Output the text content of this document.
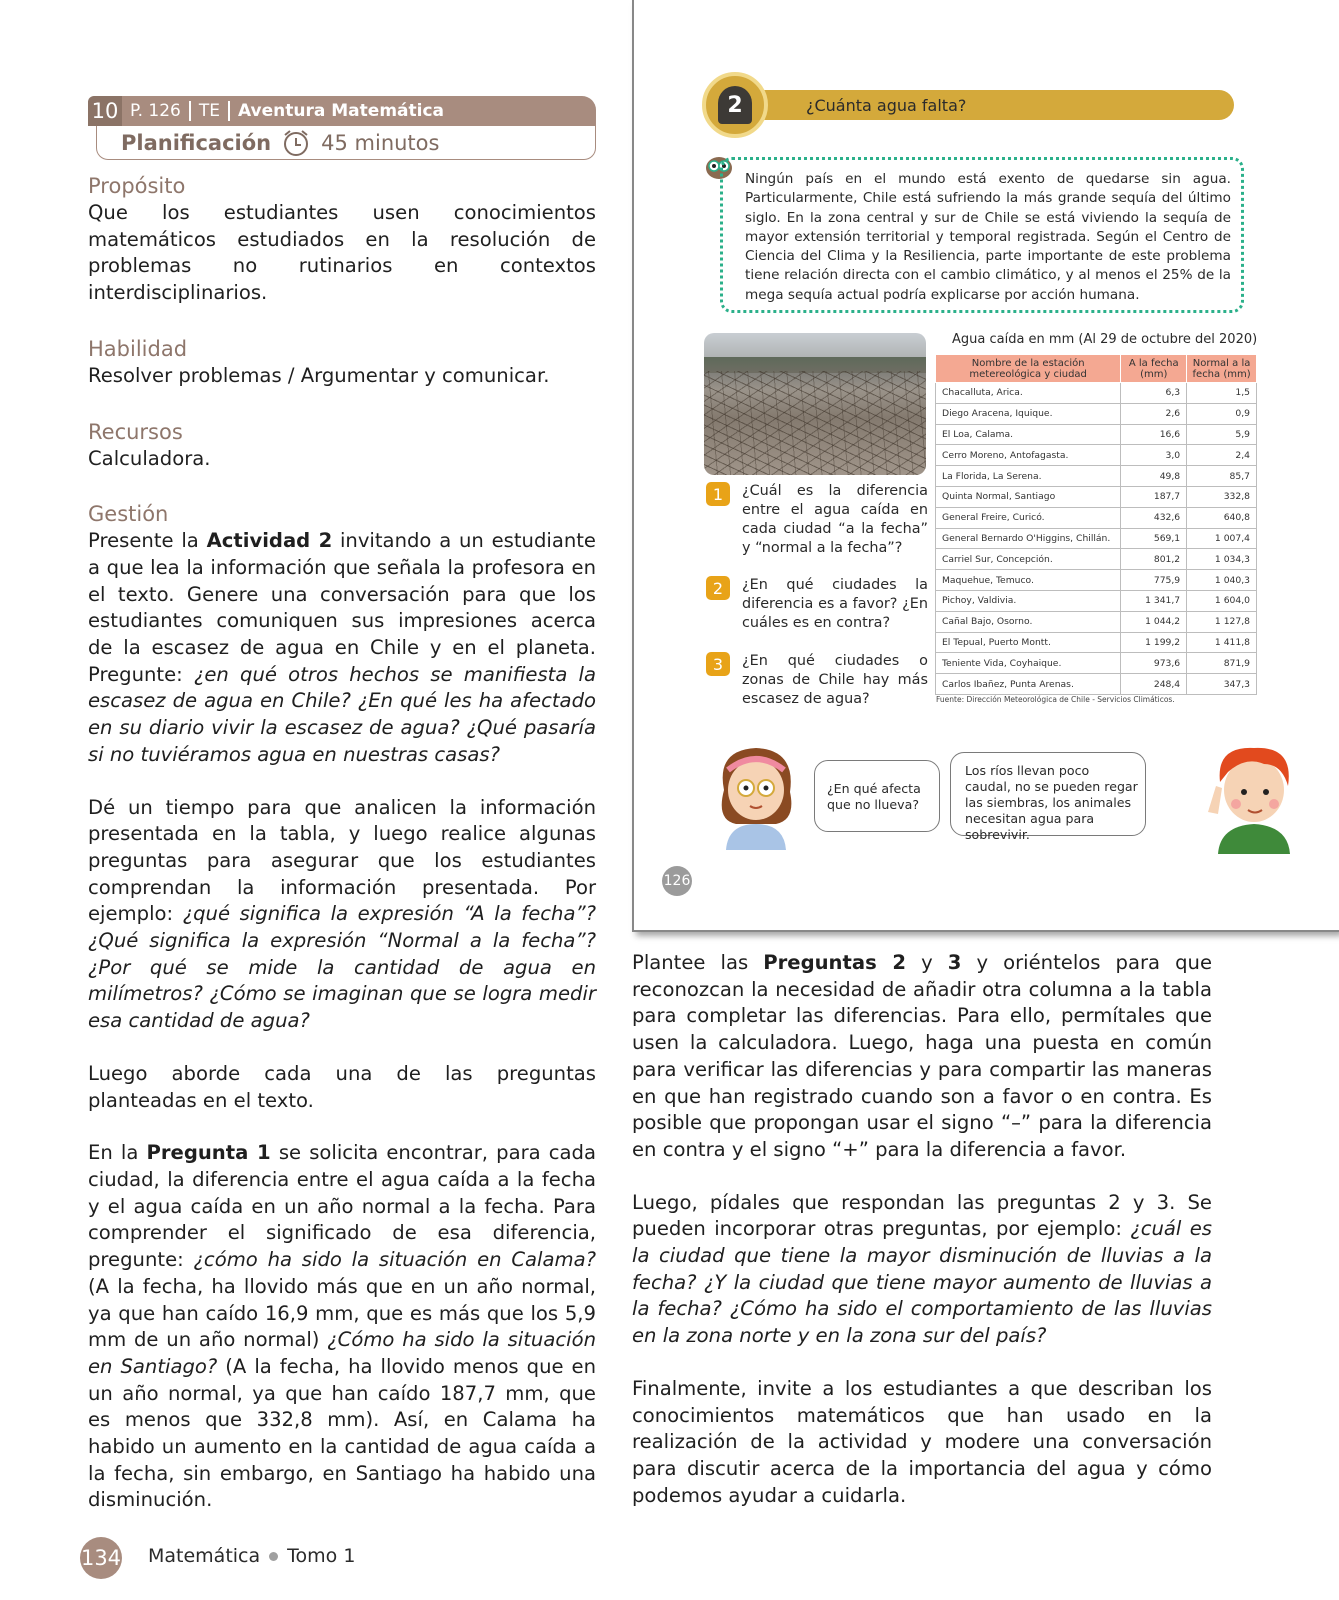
10 P. 126	TE	Aventura Matemática
Planificación 45 minutos
Propósito
Que los estudiantes usen conocimientos matemáticos estudiados en la resolución de problemas no rutinarios en contextos interdisciplinarios.
Habilidad
Resolver problemas / Argumentar y comunicar.
Recursos
Calculadora.
Gestión

Presente la Actividad 2 invitando a un estudiante a que lea la información que señala la profesora en el texto. Genere una conversación para que los estudiantes comuniquen sus impresiones acerca de la escasez de agua en Chile y en el planeta. Pregunte: ¿en qué otros hechos se manifiesta la escasez de agua en Chile? ¿En qué les ha afectado en su diario vivir la escasez de agua? ¿Qué pasaría si no tuviéramos agua en nuestras casas?

Dé un tiempo para que analicen la información presentada en la tabla, y luego realice algunas preguntas para asegurar que los estudiantes comprendan la información presentada. Por ejemplo: ¿qué significa la expresión “A la fecha”? ¿Qué significa la expresión “Normal a la fecha”? ¿Por qué se mide la cantidad de agua en milímetros? ¿Cómo se imaginan que se logra medir esa cantidad de agua?

Luego aborde cada una de las preguntas planteadas en el texto.

En la Pregunta 1 se solicita encontrar, para cada ciudad, la diferencia entre el agua caída a la fecha y el agua caída en un año normal a la fecha. Para comprender el significado de esa diferencia, pregunte: ¿cómo ha sido la situación en Calama? (A la fecha, ha llovido más que en un año normal, ya que han caído 16,9 mm, que es más que los 5,9 mm de un año normal) ¿Cómo ha sido la situación en Santiago? (A la fecha, ha llovido menos que en un año normal, ya que han caído 187,7 mm, que es menos que 332,8 mm). Así, en Calama ha habido un aumento en la cantidad de agua caída a la fecha, sin embargo, en Santiago ha habido una disminución.

¿Cuánta agua falta?
2
Ningún país en el mundo está exento de quedarse sin agua. Particularmente, Chile está sufriendo la más grande sequía del último siglo. En la zona central y sur de Chile se está viviendo la sequía de mayor extensión territorial y temporal registrada. Según el Centro de Ciencia del Clima y la Resiliencia, parte importante de este problema tiene relación directa con el cambio climático, y al menos el 25% de la mega sequía actual podría explicarse por acción humana.
1	¿Cuál es la diferencia entre el agua caída en cada ciudad “a la fecha” y “normal a la fecha”?
2	¿En qué ciudades la diferencia es a favor? ¿En cuáles es en contra?
3	¿En qué ciudades o zonas de Chile hay más escasez de agua?
Agua caída en mm (Al 29 de octubre del 2020)
Nombre de la estación metereológica y ciudad	A la fecha (mm)	Normal a la fecha (mm)
Chacalluta, Arica.	6,3	1,5
Diego Aracena, Iquique.	2,6	0,9
El Loa, Calama.	16,6	5,9
Cerro Moreno, Antofagasta.	3,0	2,4
La Florida, La Serena.	49,8	85,7
Quinta Normal, Santiago	187,7	332,8
General Freire, Curicó.	432,6	640,8
General Bernardo O'Higgins, Chillán.	569,1	1 007,4
Carriel Sur, Concepción.	801,2	1 034,3
Maquehue, Temuco.	775,9	1 040,3
Pichoy, Valdivia.	1 341,7	1 604,0
Cañal Bajo, Osorno.	1 044,2	1 127,8
El Tepual, Puerto Montt.	1 199,2	1 411,8
Teniente Vida, Coyhaique.	973,6	871,9
Carlos Ibañez, Punta Arenas.	248,4	347,3
Fuente: Dirección Meteorológica de Chile - Servicios Climáticos.
¿En qué afecta que no llueva?
Los ríos llevan poco caudal, no se pueden regar las siembras, los animales necesitan agua para sobrevivir.
126

Plantee las Preguntas 2 y 3 y oriéntelos para que reconozcan la necesidad de añadir otra columna a la tabla para completar las diferencias. Para ello, permítales que usen la calculadora. Luego, haga una puesta en común para verificar las diferencias y para compartir las maneras en que han registrado cuando son a favor o en contra. Es posible que propongan usar el signo “–” para la diferencia en contra y el signo “+” para la diferencia a favor.

Luego, pídales que respondan las preguntas 2 y 3. Se pueden incorporar otras preguntas, por ejemplo: ¿cuál es la ciudad que tiene la mayor disminución de lluvias a la fecha? ¿Y la ciudad que tiene mayor aumento de lluvias a la fecha? ¿Cómo ha sido el comportamiento de las lluvias en la zona norte y en la zona sur del país?

Finalmente, invite a los estudiantes a que describan los conocimientos matemáticos que han usado en la realización de la actividad y modere una conversación para discutir acerca de la importancia del agua y cómo podemos ayudar a cuidarla.

134 Matemática Tomo 1
